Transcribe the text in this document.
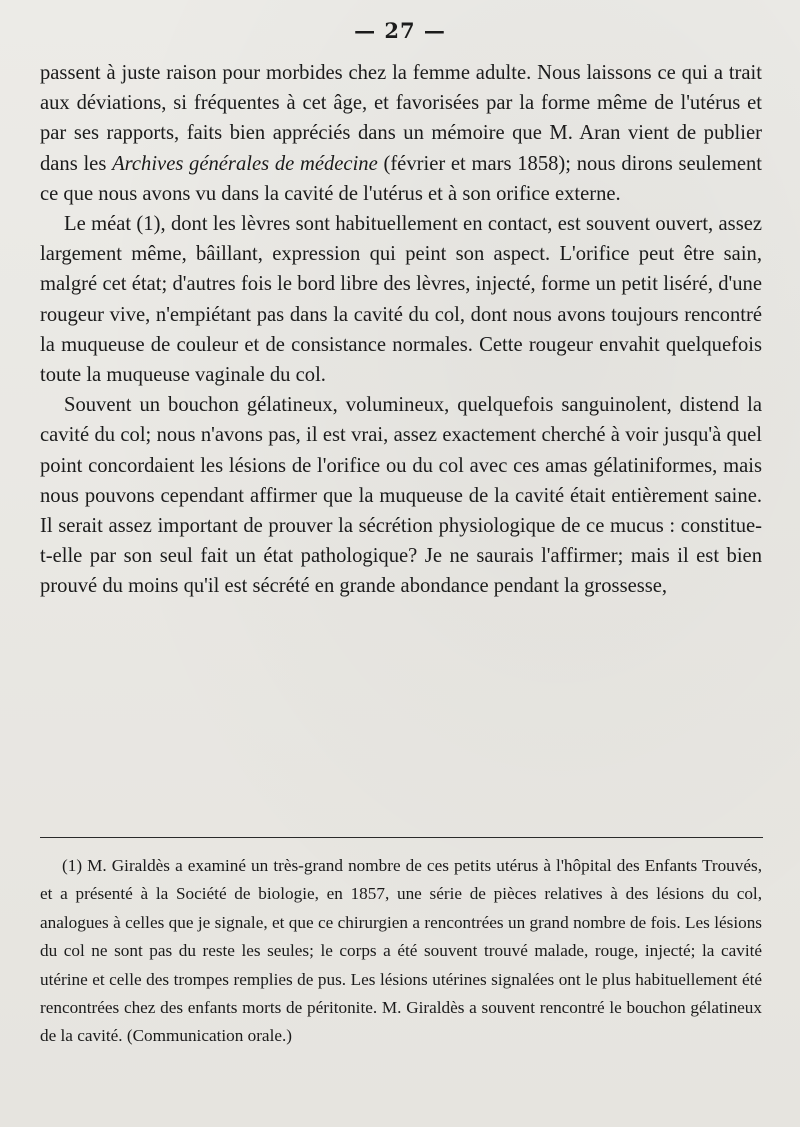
— 27 —

passent à juste raison pour morbides chez la femme adulte. Nous laissons ce qui a trait aux déviations, si fréquentes à cet âge, et favorisées par la forme même de l'utérus et par ses rapports, faits bien appréciés dans un mémoire que M. Aran vient de publier dans les Archives générales de médecine (février et mars 1858); nous dirons seulement ce que nous avons vu dans la cavité de l'utérus et à son orifice externe.

Le méat (1), dont les lèvres sont habituellement en contact, est souvent ouvert, assez largement même, bâillant, expression qui peint son aspect. L'orifice peut être sain, malgré cet état; d'autres fois le bord libre des lèvres, injecté, forme un petit liséré, d'une rougeur vive, n'empiétant pas dans la cavité du col, dont nous avons toujours rencontré la muqueuse de couleur et de consistance normales. Cette rougeur envahit quelquefois toute la muqueuse vaginale du col.

Souvent un bouchon gélatineux, volumineux, quelquefois sanguinolent, distend la cavité du col; nous n'avons pas, il est vrai, assez exactement cherché à voir jusqu'à quel point concordaient les lésions de l'orifice ou du col avec ces amas gélatiniformes, mais nous pouvons cependant affirmer que la muqueuse de la cavité était entièrement saine. Il serait assez important de prouver la sécrétion physiologique de ce mucus : constitue-t-elle par son seul fait un état pathologique? Je ne saurais l'affirmer; mais il est bien prouvé du moins qu'il est sécrété en grande abondance pendant la grossesse,

(1) M. Giraldès a examiné un très-grand nombre de ces petits utérus à l'hôpital des Enfants Trouvés, et a présenté à la Société de biologie, en 1857, une série de pièces relatives à des lésions du col, analogues à celles que je signale, et que ce chirurgien a rencontrées un grand nombre de fois. Les lésions du col ne sont pas du reste les seules; le corps a été souvent trouvé malade, rouge, injecté; la cavité utérine et celle des trompes remplies de pus. Les lésions utérines signalées ont le plus habituellement été rencontrées chez des enfants morts de péritonite. M. Giraldès a souvent rencontré le bouchon gélatineux de la cavité. (Communication orale.)
